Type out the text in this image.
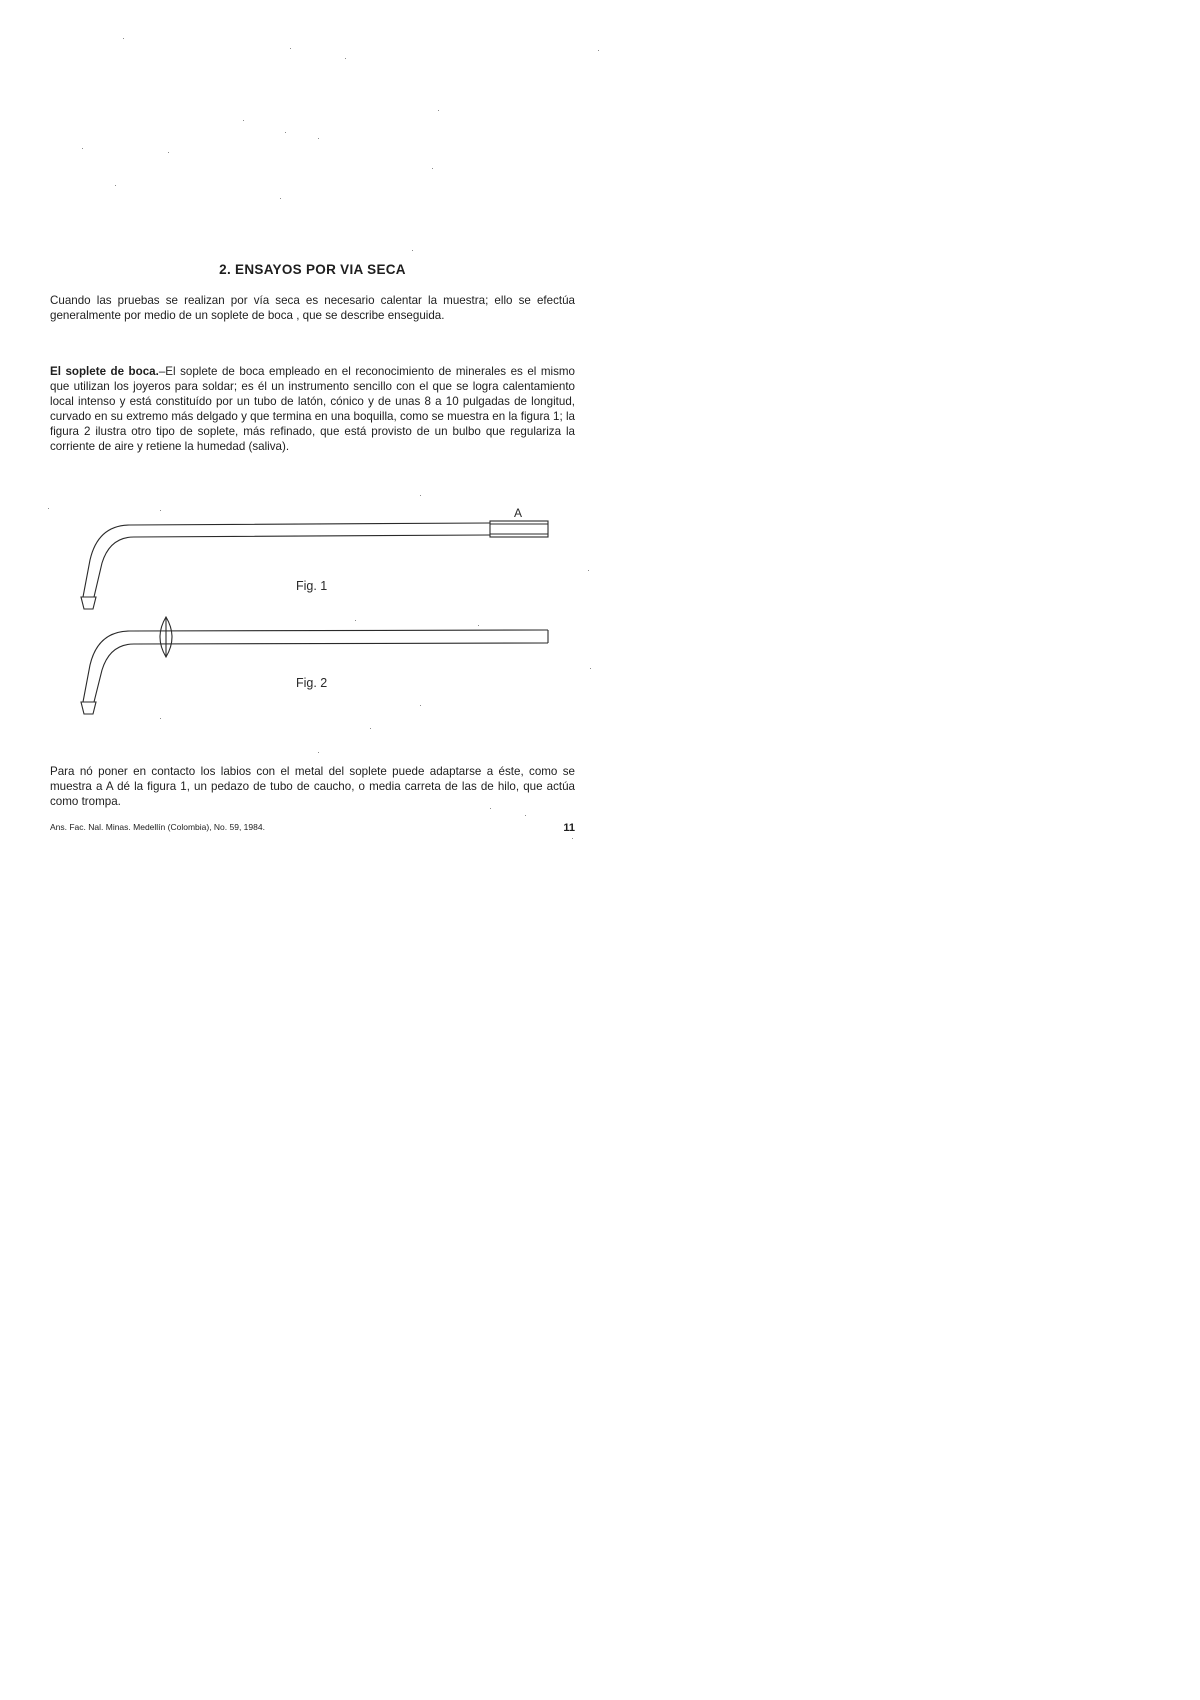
2. ENSAYOS POR VIA SECA
Cuando las pruebas se realizan por vía seca es necesario calentar la muestra; ello se efectúa generalmente por medio de un soplete de boca , que se describe enseguida.
El soplete de boca.–El soplete de boca empleado en el reconocimiento de minerales es el mismo que utilizan los joyeros para soldar; es él un instrumento sencillo con el que se logra calentamiento local intenso y está constituído por un tubo de latón, cónico y de unas 8 a 10 pulgadas de longitud, curvado en su extremo más delgado y que termina en una boquilla, como se muestra en la figura 1; la figura 2 ilustra otro tipo de soplete, más refinado, que está provisto de un bulbo que regulariza la corriente de aire y retiene la humedad (saliva).
A
Fig. 1
Fig. 2
Para nó poner en contacto los labios con el metal del soplete puede adaptarse a éste, como se muestra a A dé la figura 1, un pedazo de tubo de caucho, o media carreta de las de hilo, que actúa como trompa.
Ans. Fac. Nal. Minas. Medellín (Colombia), No. 59, 1984.	11
